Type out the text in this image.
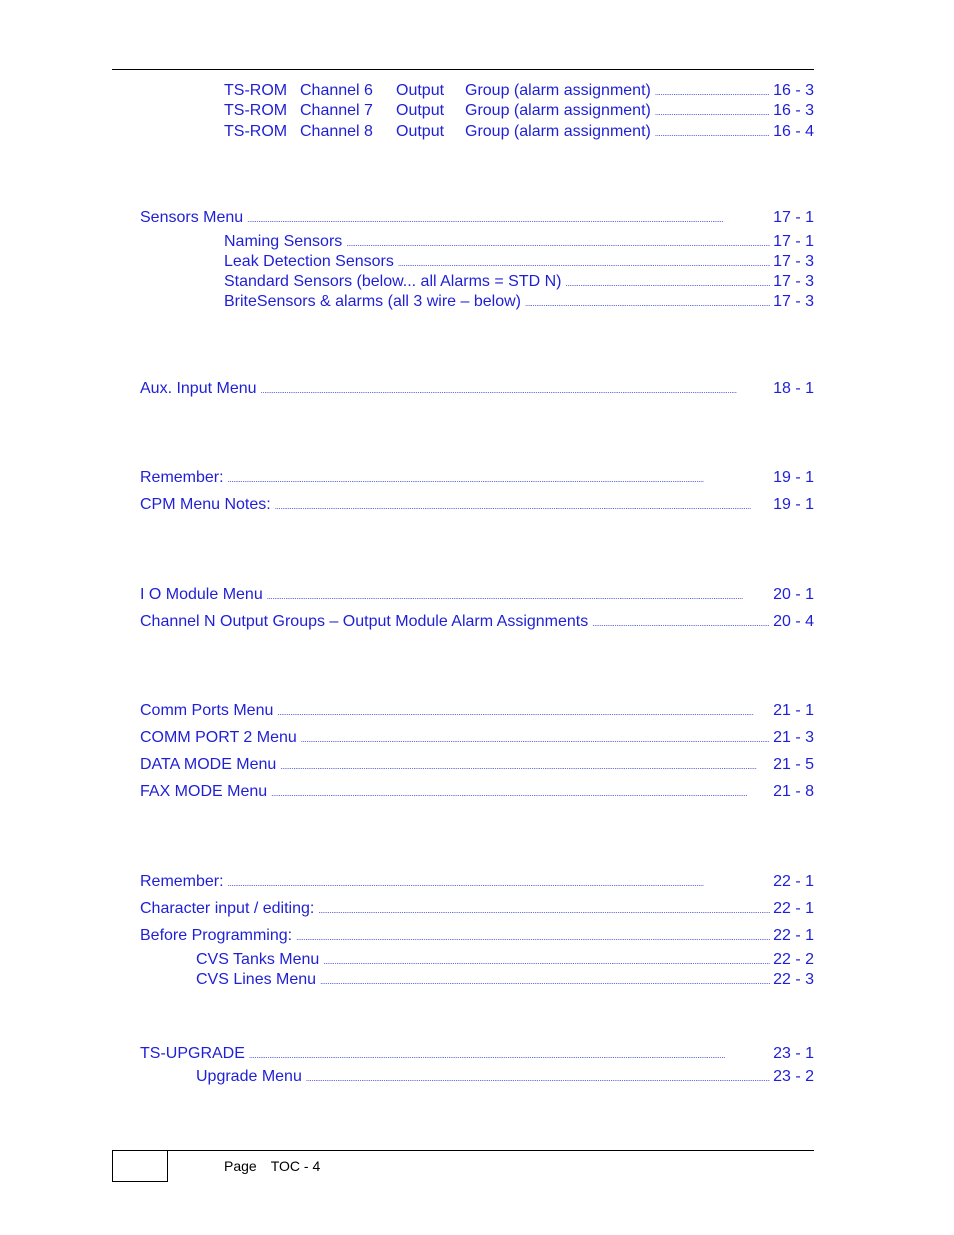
TS-ROM Channel 6 Output Group (alarm assignment) . . .	16 - 3
TS-ROM Channel 7 Output Group (alarm assignment) . . .	16 - 3
TS-ROM Channel 8 Output Group (alarm assignment) . . .	16 - 4
Sensors Menu . . .	17 - 1
Naming Sensors . . .	17 - 1
Leak Detection Sensors . . .	17 - 3
Standard Sensors (below... all Alarms = STD N) . . .	17 - 3
BriteSensors & alarms (all 3 wire – below) . . .	17 - 3
Aux. Input Menu . . .	18 - 1
Remember: . . .	19 - 1
CPM Menu Notes: . . .	19 - 1
I O Module Menu . . .	20 - 1
Channel N Output Groups – Output Module Alarm Assignments . . .	20 - 4
Comm Ports Menu . . .	21 - 1
COMM PORT 2 Menu . . .	21 - 3
DATA MODE Menu . . .	21 - 5
FAX MODE Menu . . .	21 - 8
Remember: . . .	22 - 1
Character input / editing: . . .	22 - 1
Before Programming: . . .	22 - 1
CVS Tanks Menu . . .	22 - 2
CVS Lines Menu . . .	22 - 3
TS-UPGRADE . . .	23 - 1
Upgrade Menu . . .	23 - 2
Page TOC - 4
